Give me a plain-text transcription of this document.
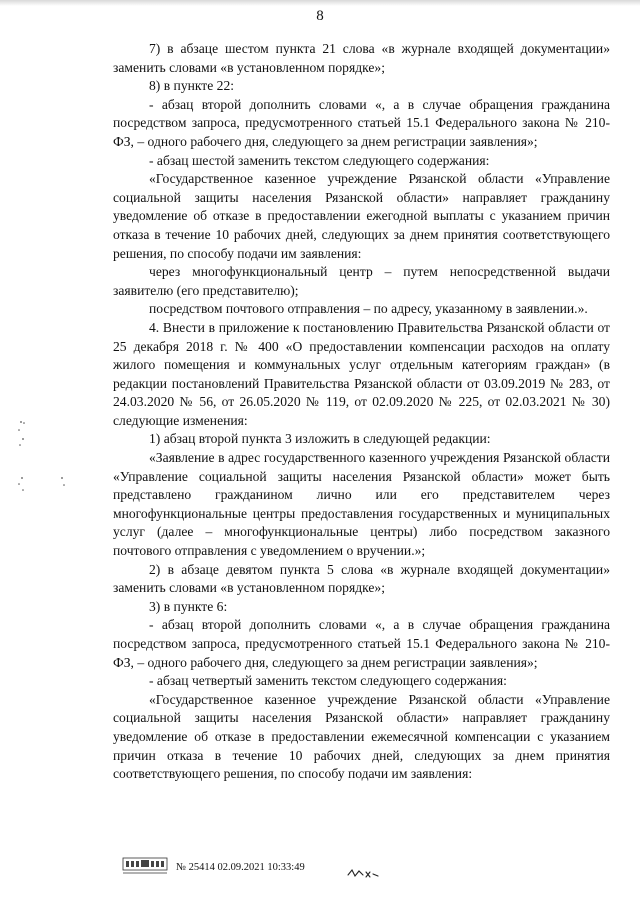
8

7) в абзаце шестом пункта 21 слова «в журнале входящей документации» заменить словами «в установленном порядке»;

8) в пункте 22:

- абзац второй дополнить словами «, а в случае обращения гражданина посредством запроса, предусмотренного статьей 15.1 Федерального закона № 210-ФЗ, – одного рабочего дня, следующего за днем регистрации заявления»;

- абзац шестой заменить текстом следующего содержания:

«Государственное казенное учреждение Рязанской области «Управление социальной защиты населения Рязанской области» направляет гражданину уведомление об отказе в предоставлении ежегодной выплаты с указанием причин отказа в течение 10 рабочих дней, следующих за днем принятия соответствующего решения, по способу подачи им заявления:

через многофункциональный центр – путем непосредственной выдачи заявителю (его представителю);

посредством почтового отправления – по адресу, указанному в заявлении.».

4. Внести в приложение к постановлению Правительства Рязанской области от 25 декабря 2018 г. № 400 «О предоставлении компенсации расходов на оплату жилого помещения и коммунальных услуг отдельным категориям граждан» (в редакции постановлений Правительства Рязанской области от 03.09.2019 № 283, от 24.03.2020 № 56, от 26.05.2020 № 119, от 02.09.2020 № 225, от 02.03.2021 № 30) следующие изменения:

1) абзац второй пункта 3 изложить в следующей редакции:

«Заявление в адрес государственного казенного учреждения Рязанской области «Управление социальной защиты населения Рязанской области» может быть представлено гражданином лично или его представителем через многофункциональные центры предоставления государственных и муниципальных услуг (далее – многофункциональные центры) либо посредством заказного почтового отправления с уведомлением о вручении.»;

2) в абзаце девятом пункта 5 слова «в журнале входящей документации» заменить словами «в установленном порядке»;

3) в пункте 6:

- абзац второй дополнить словами «, а в случае обращения гражданина посредством запроса, предусмотренного статьей 15.1 Федерального закона № 210-ФЗ, – одного рабочего дня, следующего за днем регистрации заявления»;

- абзац четвертый заменить текстом следующего содержания:

«Государственное казенное учреждение Рязанской области «Управление социальной защиты населения Рязанской области» направляет гражданину уведомление об отказе в предоставлении ежемесячной компенсации с указанием причин отказа в течение 10 рабочих дней, следующих за днем принятия соответствующего решения, по способу подачи им заявления:

№ 25414 02.09.2021 10:33:49
